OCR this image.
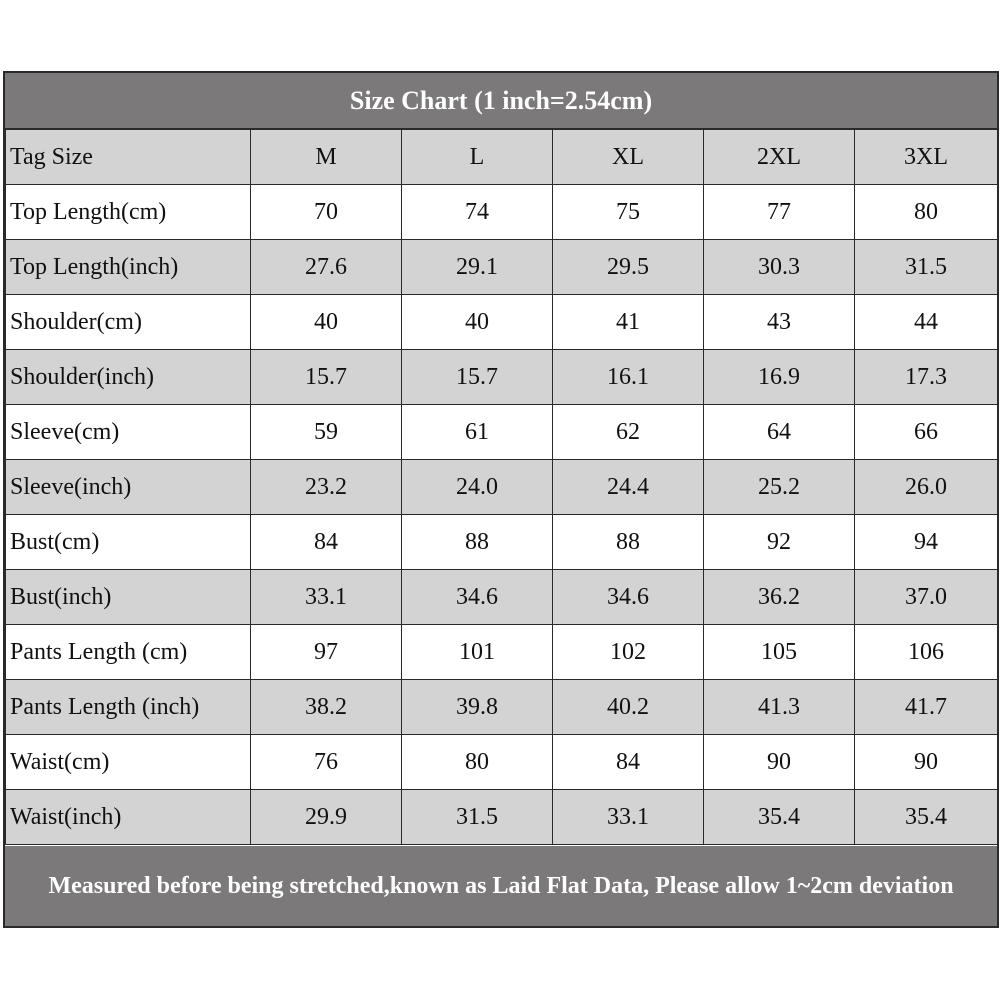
Size Chart (1 inch=2.54cm)
Tag Size	M	L	XL	2XL	3XL
Top Length(cm)	70	74	75	77	80
Top Length(inch)	27.6	29.1	29.5	30.3	31.5
Shoulder(cm)	40	40	41	43	44
Shoulder(inch)	15.7	15.7	16.1	16.9	17.3
Sleeve(cm)	59	61	62	64	66
Sleeve(inch)	23.2	24.0	24.4	25.2	26.0
Bust(cm)	84	88	88	92	94
Bust(inch)	33.1	34.6	34.6	36.2	37.0
Pants Length (cm)	97	101	102	105	106
Pants Length (inch)	38.2	39.8	40.2	41.3	41.7
Waist(cm)	76	80	84	90	90
Waist(inch)	29.9	31.5	33.1	35.4	35.4
Measured before being stretched,known as Laid Flat Data, Please allow 1~2cm deviation
